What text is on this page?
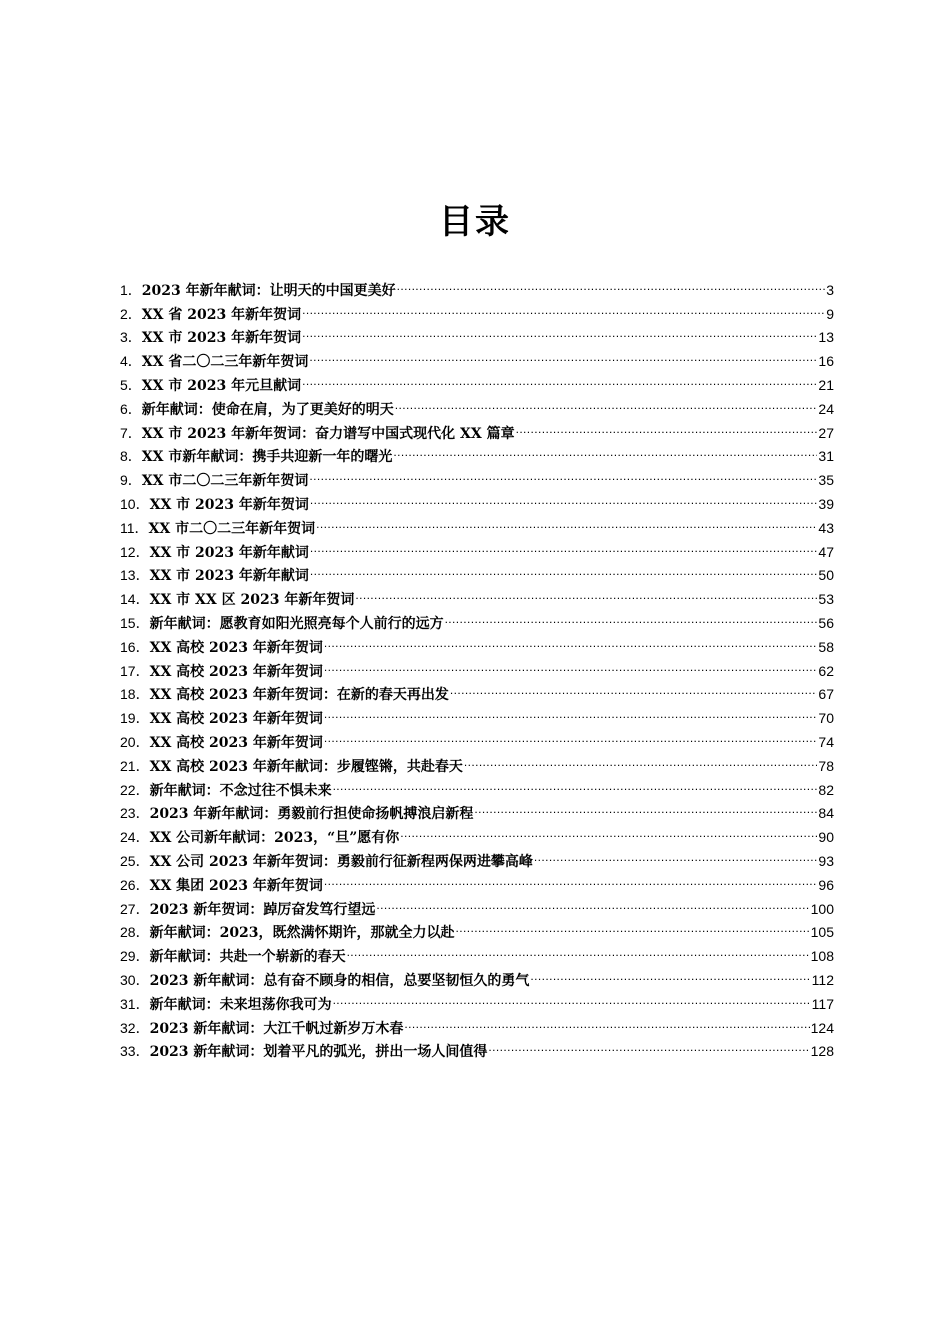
目录
1． 2023 年新年献词：让明天的中国更美好 .....	3
2． XX 省 2023 年新年贺词 .....	9
3． XX 市 2023 年新年贺词 .....	13
4． XX 省二〇二三年新年贺词 .....	16
5． XX 市 2023 年元旦献词 .....	21
6． 新年献词：使命在肩，为了更美好的明天 .....	24
7． XX 市 2023 年新年贺词：奋力谱写中国式现代化 XX 篇章 .....	27
8． XX 市新年献词：携手共迎新一年的曙光 .....	31
9． XX 市二〇二三年新年贺词 .....	35
10． XX 市 2023 年新年贺词 .....	39
11． XX 市二〇二三年新年贺词 .....	43
12． XX 市 2023 年新年献词 .....	47
13． XX 市 2023 年新年献词 .....	50
14． XX 市 XX 区 2023 年新年贺词 .....	53
15． 新年献词：愿教育如阳光照亮每个人前行的远方 .....	56
16． XX 高校 2023 年新年贺词 .....	58
17． XX 高校 2023 年新年贺词 .....	62
18． XX 高校 2023 年新年贺词：在新的春天再出发 .....	67
19． XX 高校 2023 年新年贺词 .....	70
20． XX 高校 2023 年新年贺词 .....	74
21． XX 高校 2023 年新年献词：步履铿锵，共赴春天 .....	78
22． 新年献词：不念过往不惧未来 .....	82
23． 2023 年新年献词：勇毅前行担使命扬帆搏浪启新程 .....	84
24． XX 公司新年献词：2023，“旦”愿有你 .....	90
25． XX 公司 2023 年新年贺词：勇毅前行征新程两保两进攀高峰 .....	93
26． XX 集团 2023 年新年贺词 .....	96
27． 2023 新年贺词：踔厉奋发笃行望远 .....	100
28． 新年献词：2023，既然满怀期许，那就全力以赴 .....	105
29． 新年献词：共赴一个崭新的春天 .....	108
30． 2023 新年献词：总有奋不顾身的相信，总要坚韧恒久的勇气 .....	112
31． 新年献词：未来坦荡你我可为 .....	117
32． 2023 新年献词：大江千帆过新岁万木春 .....	124
33． 2023 新年献词：划着平凡的弧光，拼出一场人间值得 .....	128
